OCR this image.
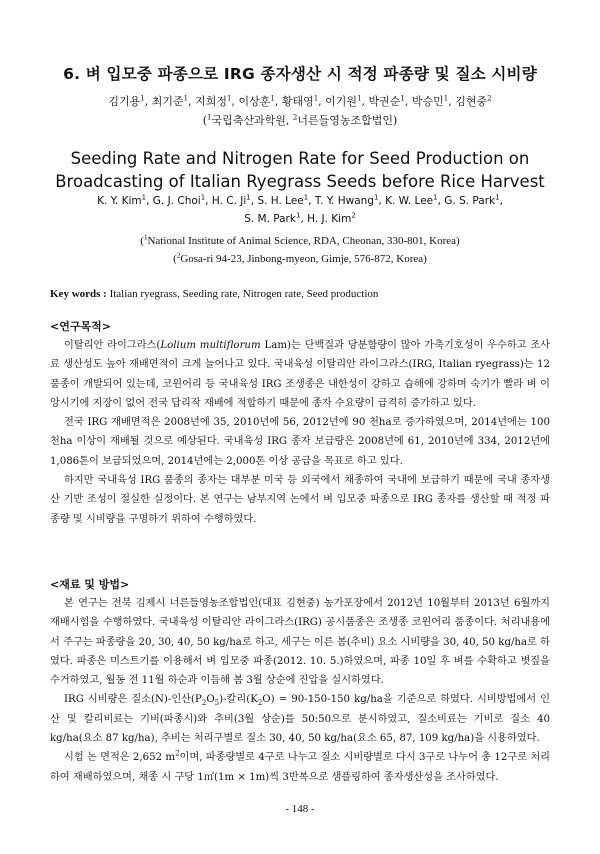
6. 벼 입모중 파종으로 IRG 종자생산 시 적정 파종량 및 질소 시비량
김기용$^1$, 최기준$^1$, 지희정$^1$, 이상훈$^1$, 황태영$^1$, 이기원$^1$, 박권순$^1$, 박승민$^1$, 김현중$^2$
($^1$국립축산과학원, $^2$너른들영농조합법인)
Seeding Rate and Nitrogen Rate for Seed Production on
Broadcasting of Italian Ryegrass Seeds before Rice Harvest
K. Y. Kim$^1$, G. J. Choi$^1$, H. C. Ji$^1$, S. H. Lee$^1$, T. Y. Hwang$^1$, K. W. Lee$^1$, G. S. Park$^1$,
S. M. Park$^1$, H. J. Kim$^2$
($^1$National Institute of Animal Science, RDA, Cheonan, 330-801, Korea)
($^2$Gosa-ri 94-23, Jinbong-myeon, Gimje, 576-872, Korea)
Key words : Italian ryegrass, Seeding rate, Nitrogen rate, Seed production
<연구목적>

이탈리안 라이그라스(Lolium multiflorum Lam)는 단백질과 당분함량이 많아 가축기호성이 우수하고 조사료 생산성도 높아 재배면적이 크게 늘어나고 있다. 국내육성 이탈리안 라이그라스(IRG, Italian ryegrass)는 12품종이 개발되어 있는데, 코윈어리 등 국내육성 IRG 조생종은 내한성이 강하고 습해에 강하며 숙기가 빨라 벼 이앙시기에 지장이 없어 전국 답리작 재배에 적합하기 때문에 종자 수요량이 급격히 증가하고 있다.

전국 IRG 재배면적은 2008년에 35, 2010년에 56, 2012년에 90 천ha로 증가하였으며, 2014년에는 100 천ha 이상이 재배될 것으로 예상된다. 국내육성 IRG 종자 보급량은 2008년에 61, 2010년에 334, 2012년에 1,086톤이 보급되었으며, 2014년에는 2,000톤 이상 공급을 목표로 하고 있다.

하지만 국내육성 IRG 품종의 종자는 대부분 미국 등 외국에서 채종하여 국내에 보급하기 때문에 국내 종자생산 기반 조성이 절실한 실정이다. 본 연구는 남부지역 논에서 벼 입모중 파종으로 IRG 종자를 생산할 때 적정 파종량 및 시비량을 구명하기 위하여 수행하였다.

<재료 및 방법>

본 연구는 전북 김제시 너른들영농조합법인(대표 김현중) 농가포장에서 2012년 10월부터 2013년 6월까지 재배시험을 수행하였다. 국내육성 이탈리안 라이그라스(IRG) 공시품종은 조생종 코윈어리 품종이다. 처리내용에서 주구는 파종량을 20, 30, 40, 50 kg/ha로 하고, 세구는 이른 봄(추비) 요소 시비량을 30, 40, 50 kg/ha로 하였다. 파종은 미스트기를 이용해서 벼 입모중 파종(2012. 10. 5.)하였으며, 파종 10일 후 벼를 수확하고 볏짚을 수거하였고, 월동 전 11월 하순과 이듬해 봄 3월 상순에 진압을 실시하였다.

IRG 시비량은 질소(N)-인산$(P_2O_5)-$칼리$(K_2O) = 90-150-150$ kg/ha을 기준으로 하였다. 시비방법에서 인산 및 칼리비료는 기비(파종시)와 추비(3월 상순)를 50:50으로 분시하였고, 질소비료는 기비로 질소 40 kg/ha(요소 87 kg/ha), 추비는 처리구별로 질소 30, 40, 50 kg/ha(요소 65, 87, 109 kg/ha)을 시용하였다.

시험 논 면적은 2,652 $m^2$이며, 파종량별로 4구로 나누고 질소 시비량별로 다시 3구로 나누어 총 12구로 처리하여 재배하였으며, 채종 시 구당 1㎡(1m × 1m)씩 3반복으로 샘플링하여 종자생산성을 조사하였다.

- 148 -
